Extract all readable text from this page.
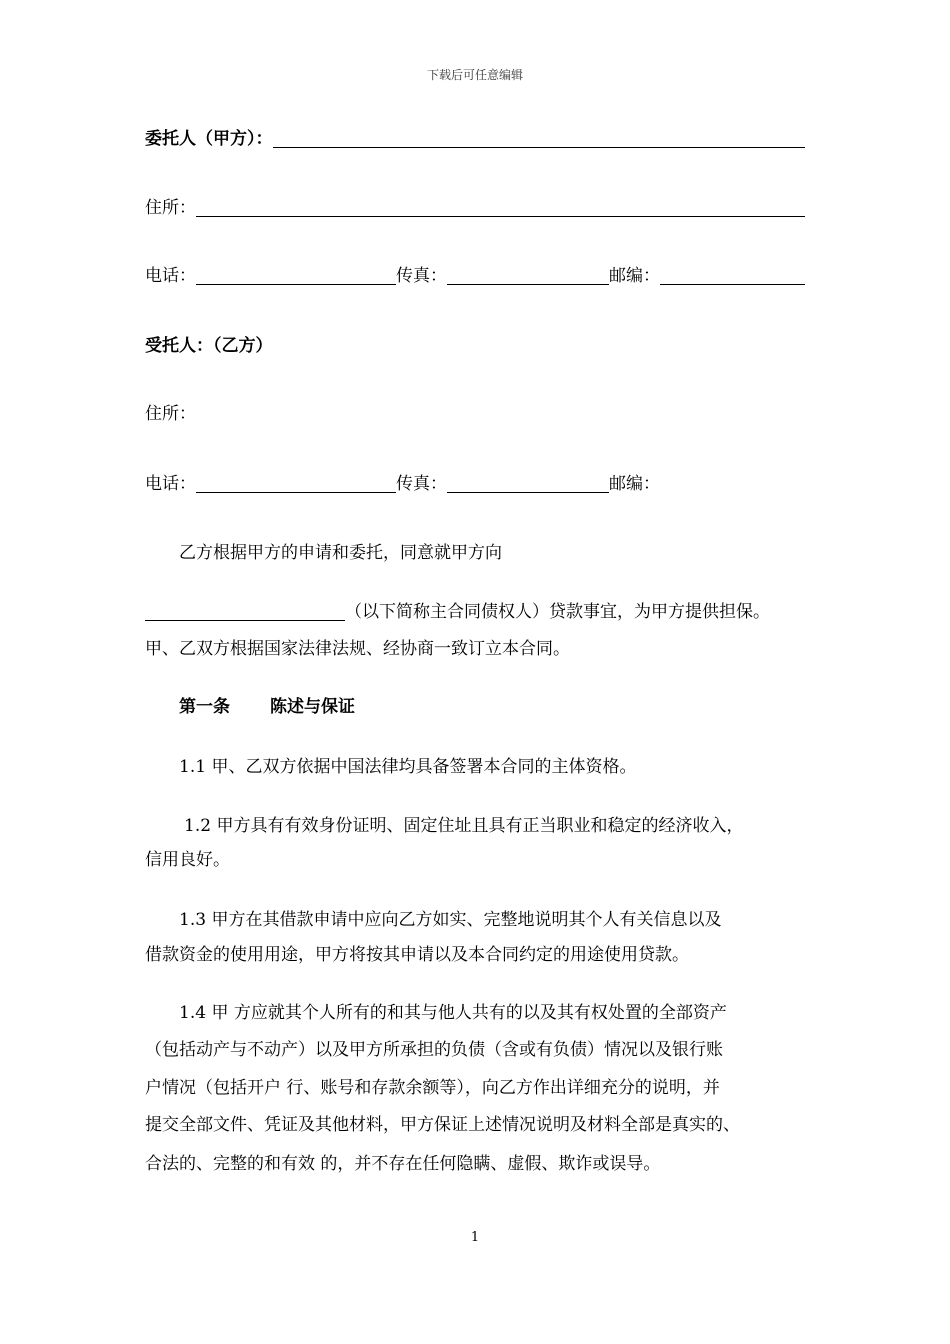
下载后可任意编辑
委托人（甲方）：
住所：
电话：	传真：	邮编：
受托人：（乙方）
住所：
电话：	传真：	邮编：
乙方根据甲方的申请和委托，同意就甲方向
（以下简称主合同债权人）贷款事宜，为甲方提供担保。
甲、乙双方根据国家法律法规、经协商一致订立本合同。
第一条 陈述与保证
1.1 甲、乙双方依据中国法律均具备签署本合同的主体资格。
1.2 甲方具有有效身份证明、固定住址且具有正当职业和稳定的经济收入，
信用良好。
1.3 甲方在其借款申请中应向乙方如实、完整地说明其个人有关信息以及
借款资金的使用用途，甲方将按其申请以及本合同约定的用途使用贷款。
1.4 甲 方应就其个人所有的和其与他人共有的以及其有权处置的全部资产
（包括动产与不动产）以及甲方所承担的负债（含或有负债）情况以及银行账
户情况（包括开户 行、账号和存款余额等），向乙方作出详细充分的说明，并
提交全部文件、凭证及其他材料，甲方保证上述情况说明及材料全部是真实的、
合法的、完整的和有效 的，并不存在任何隐瞒、虚假、欺诈或误导。
1
